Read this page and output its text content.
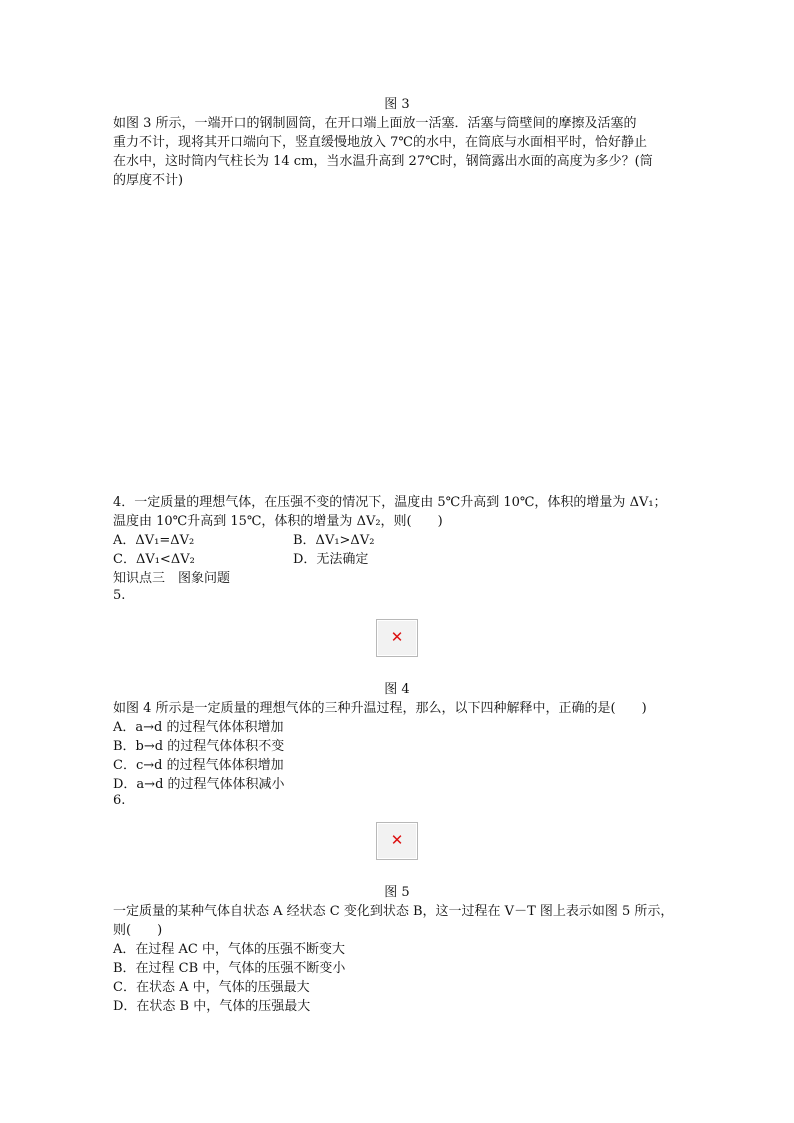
图 3
如图 3 所示，一端开口的钢制圆筒，在开口端上面放一活塞．活塞与筒壁间的摩擦及活塞的
重力不计，现将其开口端向下，竖直缓慢地放入 7℃的水中，在筒底与水面相平时，恰好静止
在水中，这时筒内气柱长为 14 cm，当水温升高到 27℃时，钢筒露出水面的高度为多少？(筒
的厚度不计)
4．一定质量的理想气体，在压强不变的情况下，温度由 5℃升高到 10℃，体积的增量为 ΔV₁；
温度由 10℃升高到 15℃，体积的增量为 ΔV₂，则(　　)
A．ΔV₁=ΔV₂	B．ΔV₁>ΔV₂
C．ΔV₁<ΔV₂	D．无法确定
知识点三　图象问题
5.
✕
图 4
如图 4 所示是一定质量的理想气体的三种升温过程，那么，以下四种解释中，正确的是(　　)
A．a→d 的过程气体体积增加
B．b→d 的过程气体体积不变
C．c→d 的过程气体体积增加
D．a→d 的过程气体体积减小
6.
✕
图 5
一定质量的某种气体自状态 A 经状态 C 变化到状态 B，这一过程在 V－T 图上表示如图 5 所示，
则(　　)
A．在过程 AC 中，气体的压强不断变大
B．在过程 CB 中，气体的压强不断变小
C．在状态 A 中，气体的压强最大
D．在状态 B 中，气体的压强最大
